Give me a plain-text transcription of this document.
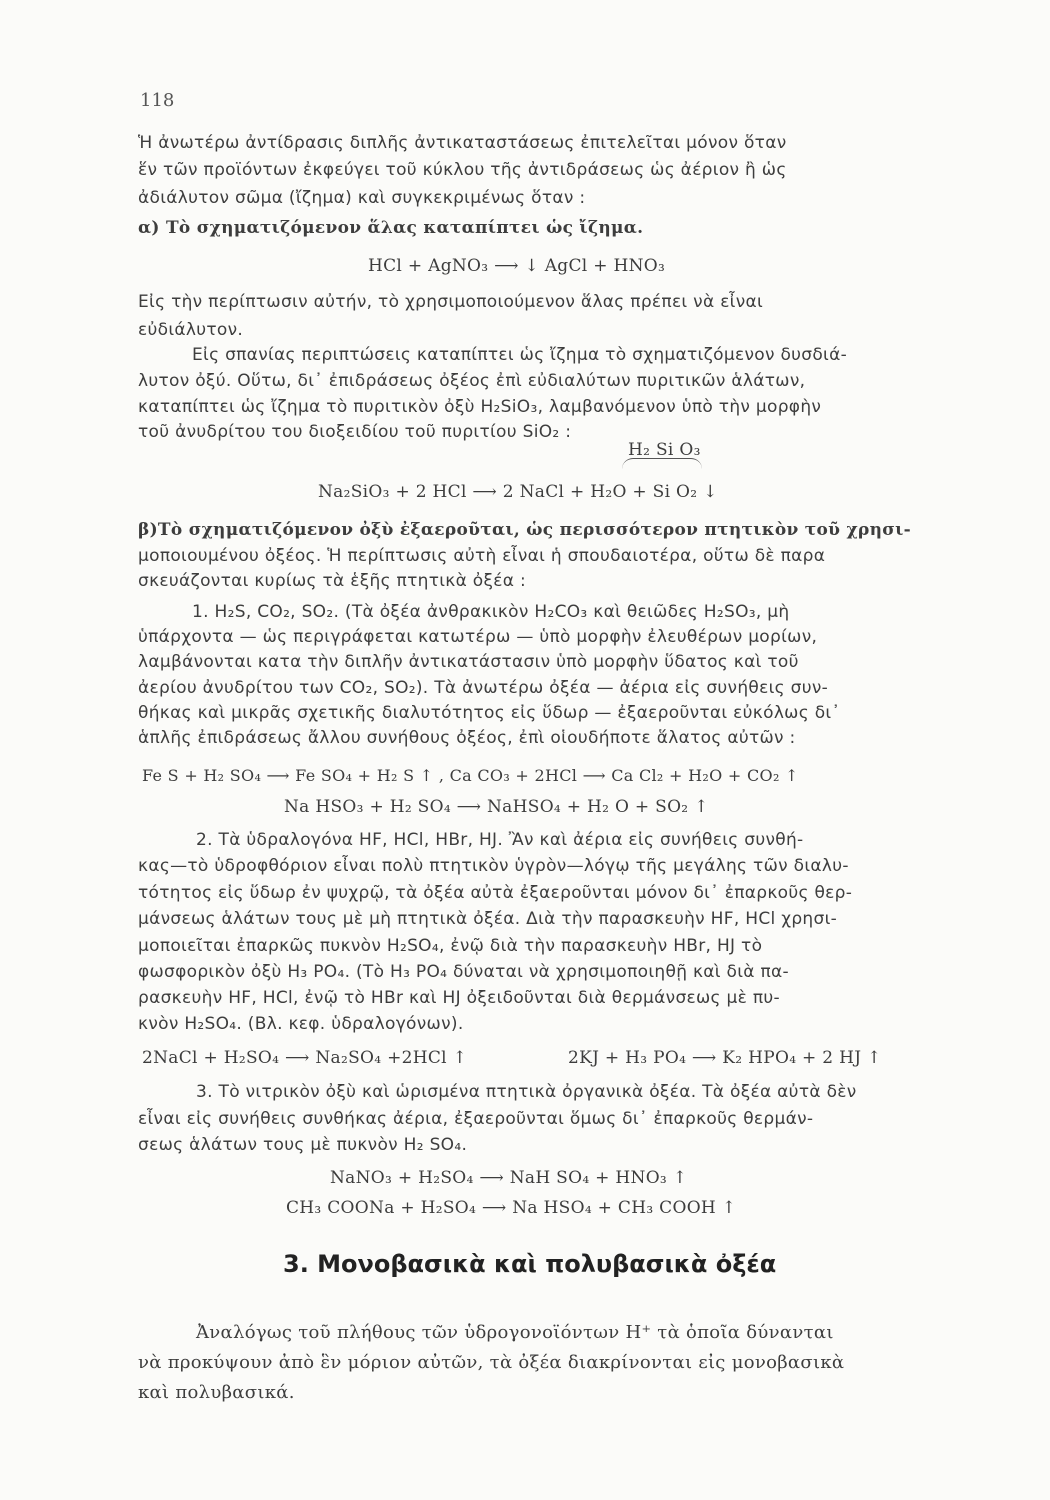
118
Ἡ ἀνωτέρω ἀντίδρασις διπλῆς ἀντικαταστάσεως ἐπιτελεῖται μόνον ὅταν
ἕν τῶν προϊόντων ἐκφεύγει τοῦ κύκλου τῆς ἀντιδράσεως ὡς ἀέριον ἢ ὡς
ἀδιάλυτον σῶμα (ἴζημα) καὶ συγκεκριμένως ὅταν :
α) Τὸ σχηματιζόμενον ἅλας καταπίπτει ὡς ἴζημα.
HCl + AgNO₃ ⟶ ↓ AgCl + HNO₃
Εἰς τὴν περίπτωσιν αὐτήν, τὸ χρησιμοποιούμενον ἅλας πρέπει νὰ εἶναι
εὐδιάλυτον.
Εἰς σπανίας περιπτώσεις καταπίπτει ὡς ἴζημα τὸ σχηματιζόμενον δυσδιά-
λυτον ὀξύ. Οὕτω, δι᾽ ἐπιδράσεως ὀξέος ἐπὶ εὐδιαλύτων πυριτικῶν ἁλάτων,
καταπίπτει ὡς ἴζημα τὸ πυριτικὸν ὀξὺ H₂SiO₃, λαμβανόμενον ὑπὸ τὴν μορφὴν
τοῦ ἀνυδρίτου του διοξειδίου τοῦ πυριτίου SiO₂ :
H₂ Si O₃
Na₂SiO₃ + 2 HCl ⟶ 2 NaCl + H₂O + Si O₂ ↓
β)Τὸ σχηματιζόμενον ὀξὺ ἐξαεροῦται, ὡς περισσότερον πτητικὸν τοῦ χρησι-
μοποιουμένου ὀξέος. Ἡ περίπτωσις αὐτὴ εἶναι ἡ σπουδαιοτέρα, οὕτω δὲ παρα
σκευάζονται κυρίως τὰ ἑξῆς πτητικὰ ὀξέα :
1. H₂S, CO₂, SO₂. (Τὰ ὀξέα ἀνθρακικὸν H₂CO₃ καὶ θειῶδες H₂SO₃, μὴ
ὑπάρχοντα — ὡς περιγράφεται κατωτέρω — ὑπὸ μορφὴν ἐλευθέρων μορίων,
λαμβάνονται κατα τὴν διπλῆν ἀντικατάστασιν ὑπὸ μορφὴν ὕδατος καὶ τοῦ
ἀερίου ἀνυδρίτου των CO₂, SO₂). Τὰ ἀνωτέρω ὀξέα — ἀέρια εἰς συνήθεις συν-
θήκας καὶ μικρᾶς σχετικῆς διαλυτότητος εἰς ὕδωρ — ἐξαεροῦνται εὐκόλως δι᾽
ἁπλῆς ἐπιδράσεως ἄλλου συνήθους ὀξέος, ἐπὶ οἱουδήποτε ἅλατος αὐτῶν :
Fe S + H₂ SO₄ ⟶ Fe SO₄ + H₂ S ↑ , Ca CO₃ + 2HCl ⟶ Ca Cl₂ + H₂O + CO₂ ↑
Na HSO₃ + H₂ SO₄ ⟶ NaHSO₄ + H₂ O + SO₂ ↑
2. Τὰ ὑδραλογόνα HF, HCl, HBr, HJ. Ἂν καὶ ἀέρια εἰς συνήθεις συνθή-
κας—τὸ ὑδροφθόριον εἶναι πολὺ πτητικὸν ὑγρὸν—λόγῳ τῆς μεγάλης τῶν διαλυ-
τότητος εἰς ὕδωρ ἐν ψυχρῷ, τὰ ὀξέα αὐτὰ ἐξαεροῦνται μόνον δι᾽ ἐπαρκοῦς θερ-
μάνσεως ἁλάτων τους μὲ μὴ πτητικὰ ὀξέα. Διὰ τὴν παρασκευὴν HF, HCl χρησι-
μοποιεῖται ἐπαρκῶς πυκνὸν H₂SO₄, ἐνῷ διὰ τὴν παρασκευὴν HBr, HJ τὸ
φωσφορικὸν ὀξὺ H₃ PO₄. (Τὸ H₃ PO₄ δύναται νὰ χρησιμοποιηθῇ καὶ διὰ πα-
ρασκευὴν HF, HCl, ἐνῷ τὸ HBr καὶ HJ ὀξειδοῦνται διὰ θερμάνσεως μὲ πυ-
κνὸν H₂SO₄. (Βλ. κεφ. ὑδραλογόνων).
2NaCl + H₂SO₄ ⟶ Na₂SO₄ +2HCl ↑	2KJ + H₃ PO₄ ⟶ K₂ HPO₄ + 2 HJ ↑
3. Τὸ νιτρικὸν ὀξὺ καὶ ὡρισμένα πτητικὰ ὀργανικὰ ὀξέα. Τὰ ὀξέα αὐτὰ δὲν
εἶναι εἰς συνήθεις συνθήκας ἀέρια, ἐξαεροῦνται ὅμως δι᾽ ἐπαρκοῦς θερμάν-
σεως ἁλάτων τους μὲ πυκνὸν H₂ SO₄.
NaNO₃ + H₂SO₄ ⟶ NaH SO₄ + HNO₃ ↑
CH₃ COONa + H₂SO₄ ⟶ Na HSO₄ + CH₃ COOH ↑
3. Μονοβασικὰ καὶ πολυβασικὰ ὀξέα
Ἀναλόγως τοῦ πλήθους τῶν ὑδρογονοϊόντων H⁺ τὰ ὁποῖα δύνανται
νὰ προκύψουν ἀπὸ ἓν μόριον αὐτῶν, τὰ ὀξέα διακρίνονται εἰς μονοβασικὰ
καὶ πολυβασικά.
